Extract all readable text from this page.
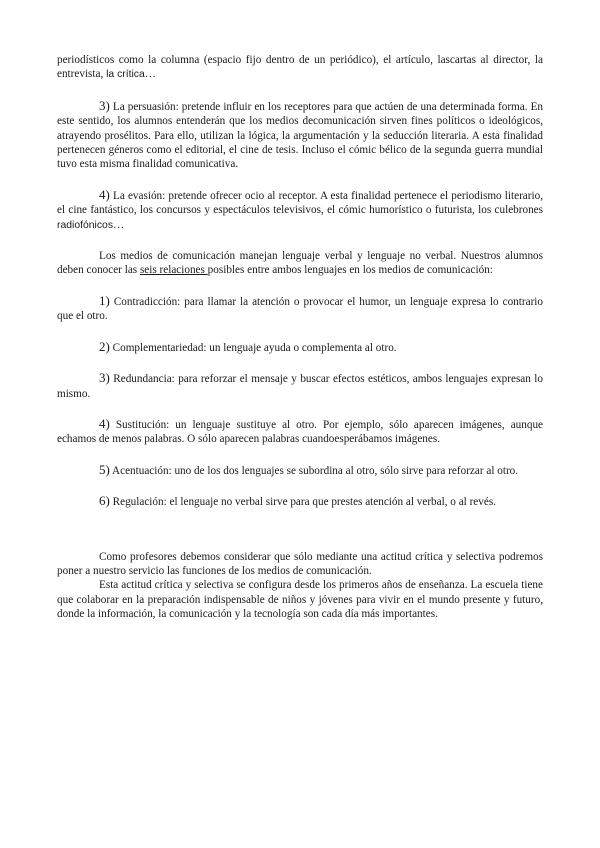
periodísticos como la columna (espacio fijo dentro de un periódico), el artículo, lascartas al director, la entrevista, la crítica…

3) La persuasión: pretende influir en los receptores para que actúen de una determinada forma. En este sentido, los alumnos entenderán que los medios decomunicación sirven fines políticos o ideológicos, atrayendo prosélitos. Para ello, utilizan la lógica, la argumentación y la seducción literaria. A esta finalidad pertenecen géneros como el editorial, el cine de tesis. Incluso el cómic bélico de la segunda guerra mundial tuvo esta misma finalidad comunicativa.

4) La evasión: pretende ofrecer ocio al receptor. A esta finalidad pertenece el periodismo literario, el cine fantástico, los concursos y espectáculos televisivos, el cómic humorístico o futurista, los culebrones radiofónicos…

Los medios de comunicación manejan lenguaje verbal y lenguaje no verbal. Nuestros alumnos deben conocer las seis relaciones posibles entre ambos lenguajes en los medios de comunicación:

1) Contradicción: para llamar la atención o provocar el humor, un lenguaje expresa lo contrario que el otro.

2) Complementariedad: un lenguaje ayuda o complementa al otro.

3) Redundancia: para reforzar el mensaje y buscar efectos estéticos, ambos lenguajes expresan lo mismo.

4) Sustitución: un lenguaje sustituye al otro. Por ejemplo, sólo aparecen imágenes, aunque echamos de menos palabras. O sólo aparecen palabras cuandoesperábamos imágenes.

5) Acentuación: uno de los dos lenguajes se subordina al otro, sólo sirve para reforzar al otro.

6) Regulación: el lenguaje no verbal sirve para que prestes atención al verbal, o al revés.

Como profesores debemos considerar que sólo mediante una actitud crítica y selectiva podremos poner a nuestro servicio las funciones de los medios de comunicación.

Esta actitud crítica y selectiva se configura desde los primeros años de enseñanza. La escuela tiene que colaborar en la preparación indispensable de niños y jóvenes para vivir en el mundo presente y futuro, donde la información, la comunicación y la tecnología son cada día más importantes.
